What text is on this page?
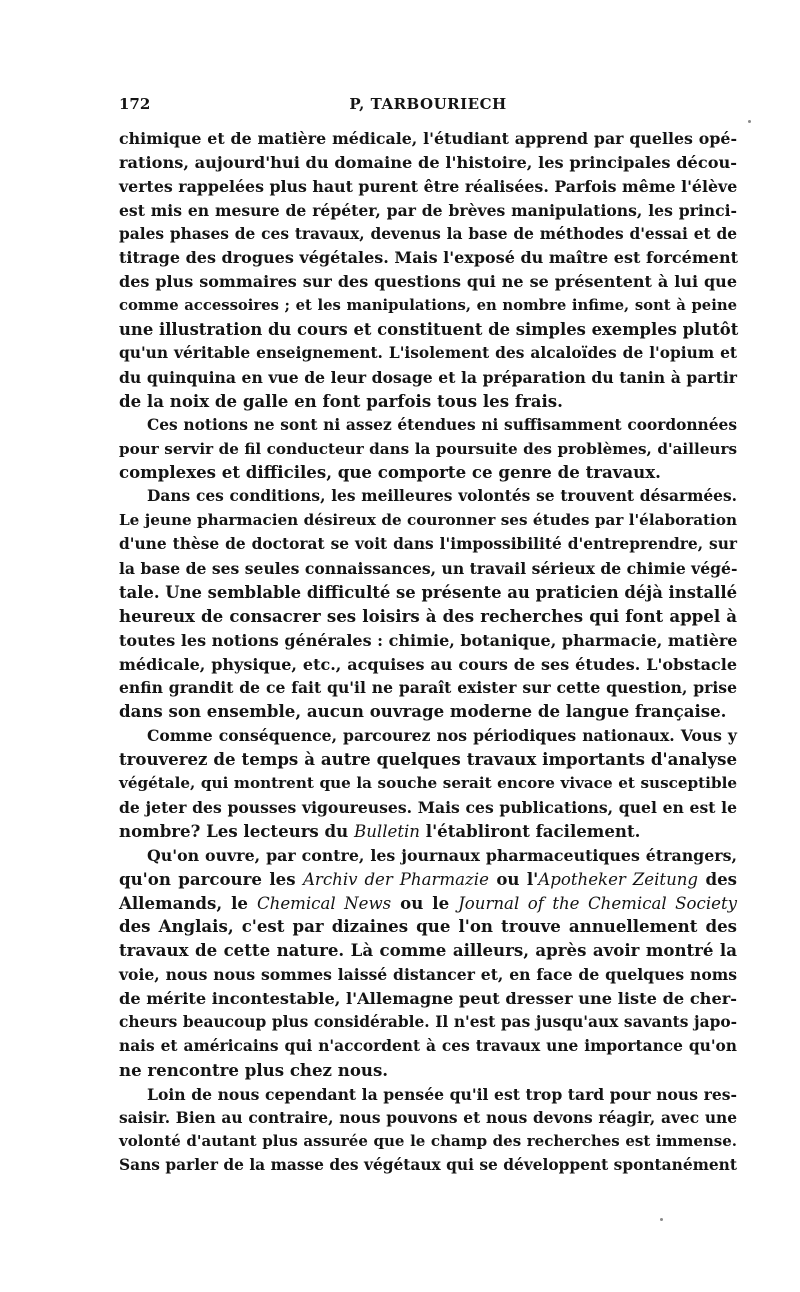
172	P, TARBOURIECH
chimique et de matière médicale, l'étudiant apprend par quelles opé-
rations, aujourd'hui du domaine de l'histoire, les principales décou-
vertes rappelées plus haut purent être réalisées. Parfois même l'élève
est mis en mesure de répéter, par de brèves manipulations, les princi-
pales phases de ces travaux, devenus la base de méthodes d'essai et de
titrage des drogues végétales. Mais l'exposé du maître est forcément
des plus sommaires sur des questions qui ne se présentent à lui que
comme accessoires ; et les manipulations, en nombre infime, sont à peine
une illustration du cours et constituent de simples exemples plutôt
qu'un véritable enseignement. L'isolement des alcaloïdes de l'opium et
du quinquina en vue de leur dosage et la préparation du tanin à partir
de la noix de galle en font parfois tous les frais.
Ces notions ne sont ni assez étendues ni suffisamment coordonnées
pour servir de fil conducteur dans la poursuite des problèmes, d'ailleurs
complexes et difficiles, que comporte ce genre de travaux.
Dans ces conditions, les meilleures volontés se trouvent désarmées.
Le jeune pharmacien désireux de couronner ses études par l'élaboration
d'une thèse de doctorat se voit dans l'impossibilité d'entreprendre, sur
la base de ses seules connaissances, un travail sérieux de chimie végé-
tale. Une semblable difficulté se présente au praticien déjà installé
heureux de consacrer ses loisirs à des recherches qui font appel à
toutes les notions générales : chimie, botanique, pharmacie, matière
médicale, physique, etc., acquises au cours de ses études. L'obstacle
enfin grandit de ce fait qu'il ne paraît exister sur cette question, prise
dans son ensemble, aucun ouvrage moderne de langue française.
Comme conséquence, parcourez nos périodiques nationaux. Vous y
trouverez de temps à autre quelques travaux importants d'analyse
végétale, qui montrent que la souche serait encore vivace et susceptible
de jeter des pousses vigoureuses. Mais ces publications, quel en est le
nombre? Les lecteurs du Bulletin l'établiront facilement.
Qu'on ouvre, par contre, les journaux pharmaceutiques étrangers,
qu'on parcoure les Archiv der Pharmazie ou l'Apotheker Zeitung des
Allemands, le Chemical News ou le Journal of the Chemical Society
des Anglais, c'est par dizaines que l'on trouve annuellement des
travaux de cette nature. Là comme ailleurs, après avoir montré la
voie, nous nous sommes laissé distancer et, en face de quelques noms
de mérite incontestable, l'Allemagne peut dresser une liste de cher-
cheurs beaucoup plus considérable. Il n'est pas jusqu'aux savants japo-
nais et américains qui n'accordent à ces travaux une importance qu'on
ne rencontre plus chez nous.
Loin de nous cependant la pensée qu'il est trop tard pour nous res-
saisir. Bien au contraire, nous pouvons et nous devons réagir, avec une
volonté d'autant plus assurée que le champ des recherches est immense.
Sans parler de la masse des végétaux qui se développent spontanément
